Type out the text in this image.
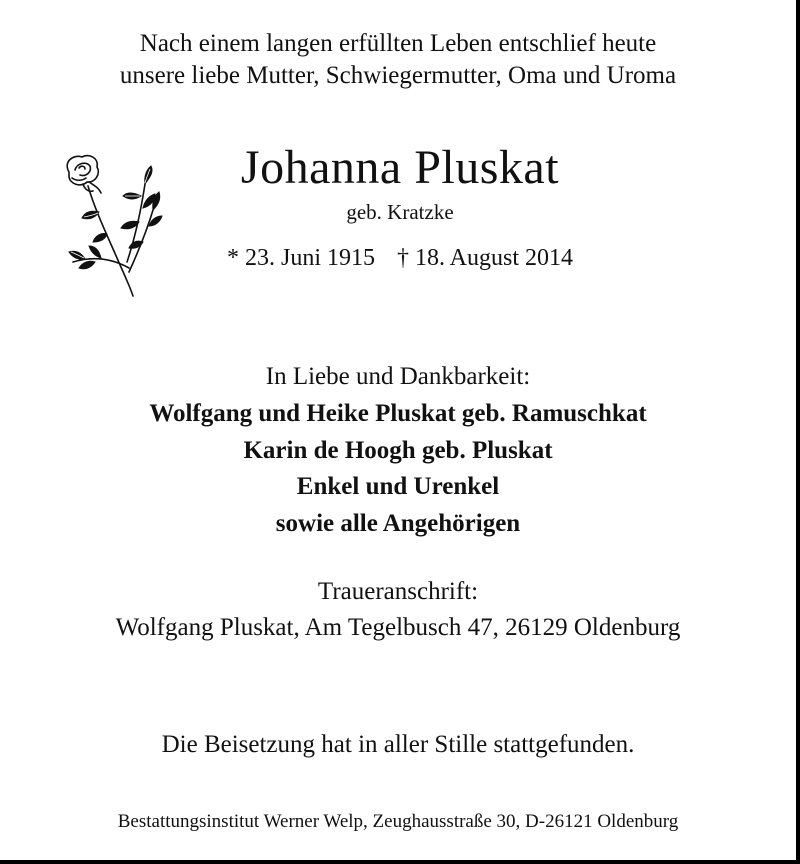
Nach einem langen erfüllten Leben entschlief heute
unsere liebe Mutter, Schwiegermutter, Oma und Uroma
Johanna Pluskat
geb. Kratzke
* 23. Juni 1915 † 18. August 2014
In Liebe und Dankbarkeit:
Wolfgang und Heike Pluskat geb. Ramuschkat
Karin de Hoogh geb. Pluskat
Enkel und Urenkel
sowie alle Angehörigen
Traueranschrift:
Wolfgang Pluskat, Am Tegelbusch 47, 26129 Oldenburg
Die Beisetzung hat in aller Stille stattgefunden.
Bestattungsinstitut Werner Welp, Zeughausstraße 30, D-26121 Oldenburg
